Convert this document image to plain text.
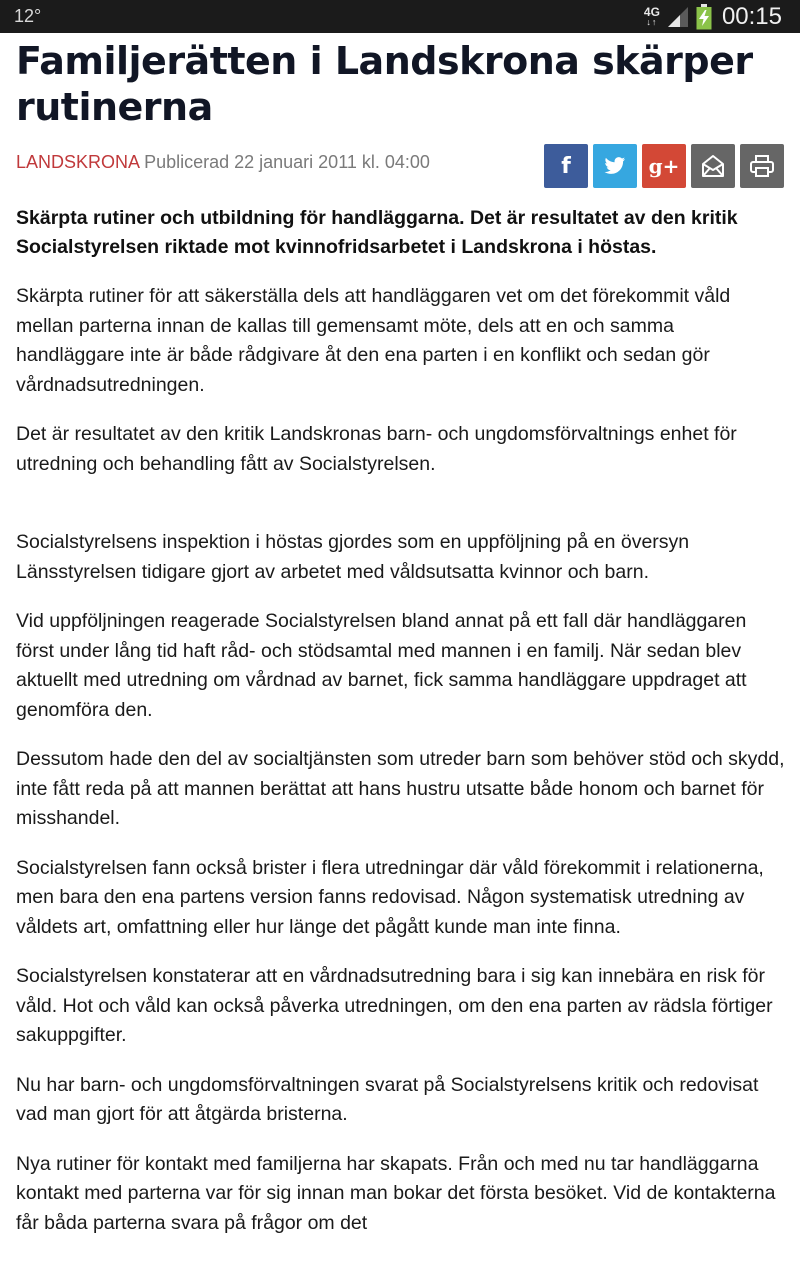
12°	4G
↓↑	00:15
Familjerätten i Landskrona skärper rutinerna
LANDSKRONA Publicerad 22 januari 2011 kl. 04:00	f	g+

Skärpta rutiner och utbildning för handläggarna. Det är resultatet av den kritik Socialstyrelsen riktade mot kvinnofridsarbetet i Landskrona i höstas.

Skärpta rutiner för att säkerställa dels att handläggaren vet om det förekommit våld mellan parterna innan de kallas till gemensamt möte, dels att en och samma handläggare inte är både rådgivare åt den ena parten i en konflikt och sedan gör vårdnadsutredningen.

Det är resultatet av den kritik Landskronas barn- och ungdomsförvaltnings enhet för utredning och behandling fått av Socialstyrelsen.

Socialstyrelsens inspektion i höstas gjordes som en uppföljning på en översyn Länsstyrelsen tidigare gjort av arbetet med våldsutsatta kvinnor och barn.

Vid uppföljningen reagerade Socialstyrelsen bland annat på ett fall där handläggaren först under lång tid haft råd- och stödsamtal med mannen i en familj. När sedan blev aktuellt med utredning om vårdnad av barnet, fick samma handläggare uppdraget att genomföra den.

Dessutom hade den del av socialtjänsten som utreder barn som behöver stöd och skydd, inte fått reda på att mannen berättat att hans hustru utsatte både honom och barnet för misshandel.

Socialstyrelsen fann också brister i flera utredningar där våld förekommit i relationerna, men bara den ena partens version fanns redovisad. Någon systematisk utredning av våldets art, omfattning eller hur länge det pågått kunde man inte finna.

Socialstyrelsen konstaterar att en vårdnadsutredning bara i sig kan innebära en risk för våld. Hot och våld kan också påverka utredningen, om den ena parten av rädsla förtiger sakuppgifter.

Nu har barn- och ungdomsförvaltningen svarat på Socialstyrelsens kritik och redovisat vad man gjort för att åtgärda bristerna.

Nya rutiner för kontakt med familjerna har skapats. Från och med nu tar handläggarna kontakt med parterna var för sig innan man bokar det första besöket. Vid de kontakterna får båda parterna svara på frågor om det
